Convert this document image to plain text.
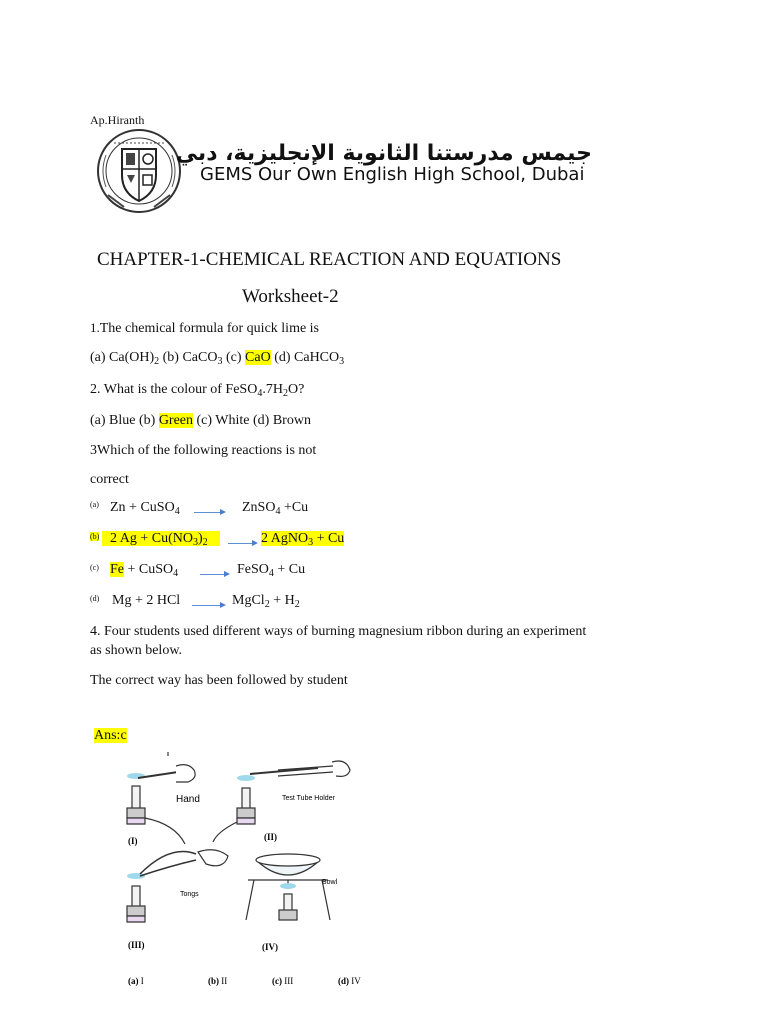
Ap.Hiranth
جيمس مدرستنا الثانوية الإنجليزية، دبي
GEMS Our Own English High School, Dubai
CHAPTER-1-CHEMICAL REACTION AND EQUATIONS
Worksheet-2
1.The chemical formula for quick lime is
(a) $Ca(OH)_2$ (b) CaCO$_3$ (c) CaO (d) CaHCO$_3$
2. What is the colour of $FeSO_4.7H_2O$?
(a) Blue (b) Green (c) White (d) Brown
3Which of the following reactions is not
correct
(a) Zn + CuSO$_4$ → ZnSO$_4$ +Cu
(b) 2 $Ag + Cu(NO_3)_2$	→ 2 AgNO$_3$ + Cu
(c) Fe + CuSO$_4$ → FeSO$_4$ + Cu
(d) Mg + 2 HCl → MgCl$_2$ + $H_2$
4. Four students used different ways of burning magnesium ribbon during an experiment
as shown below.
The correct way has been followed by student
Ans:c
Hand	Test Tube Holder
Tongs
Bowl
(I)	(II)
(III)	(IV)
(a) I	(b) II	(c) III	(d) IV
